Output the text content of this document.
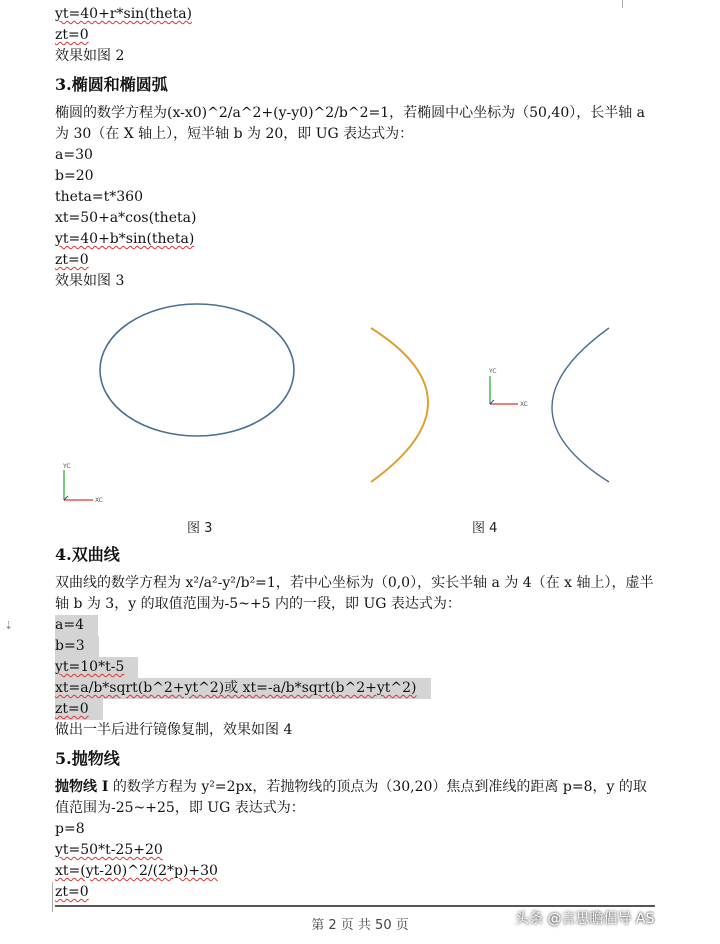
⇣
yt=40+r*sin(theta)
zt=0
效果如图 2
3.椭圆和椭圆弧
椭圆的数学方程为(x-x0)^2/a^2+(y-y0)^2/b^2=1，若椭圆中心坐标为（50,40），长半轴 a 为 30（在 X 轴上），短半轴 b 为 20，即 UG 表达式为：
a=30
b=20
theta=t*360
xt=50+a*cos(theta)
yt=40+b*sin(theta)
zt=0
效果如图 3
YC
XC
YC
XC
图 3	图 4
4.双曲线
双曲线的数学方程为 x²/a²-y²/b²=1，若中心坐标为（0,0），实长半轴 a 为 4（在 x 轴上），虚半轴 b 为 3，y 的取值范围为-5~+5 内的一段，即 UG 表达式为：
a=4
b=3
yt=10*t-5
xt=a/b*sqrt(b^2+yt^2)或 xt=-a/b*sqrt(b^2+yt^2)
zt=0
做出一半后进行镜像复制，效果如图 4
5.抛物线
抛物线 I 的数学方程为 y²=2px，若抛物线的顶点为（30,20）焦点到准线的距离 p=8，y 的取值范围为-25~+25，即 UG 表达式为：
p=8
yt=50*t-25+20
xt=(yt-20)^2/(2*p)+30
zt=0
第 2 页 共 50 页	头条 @言思瞻倡导 AS
